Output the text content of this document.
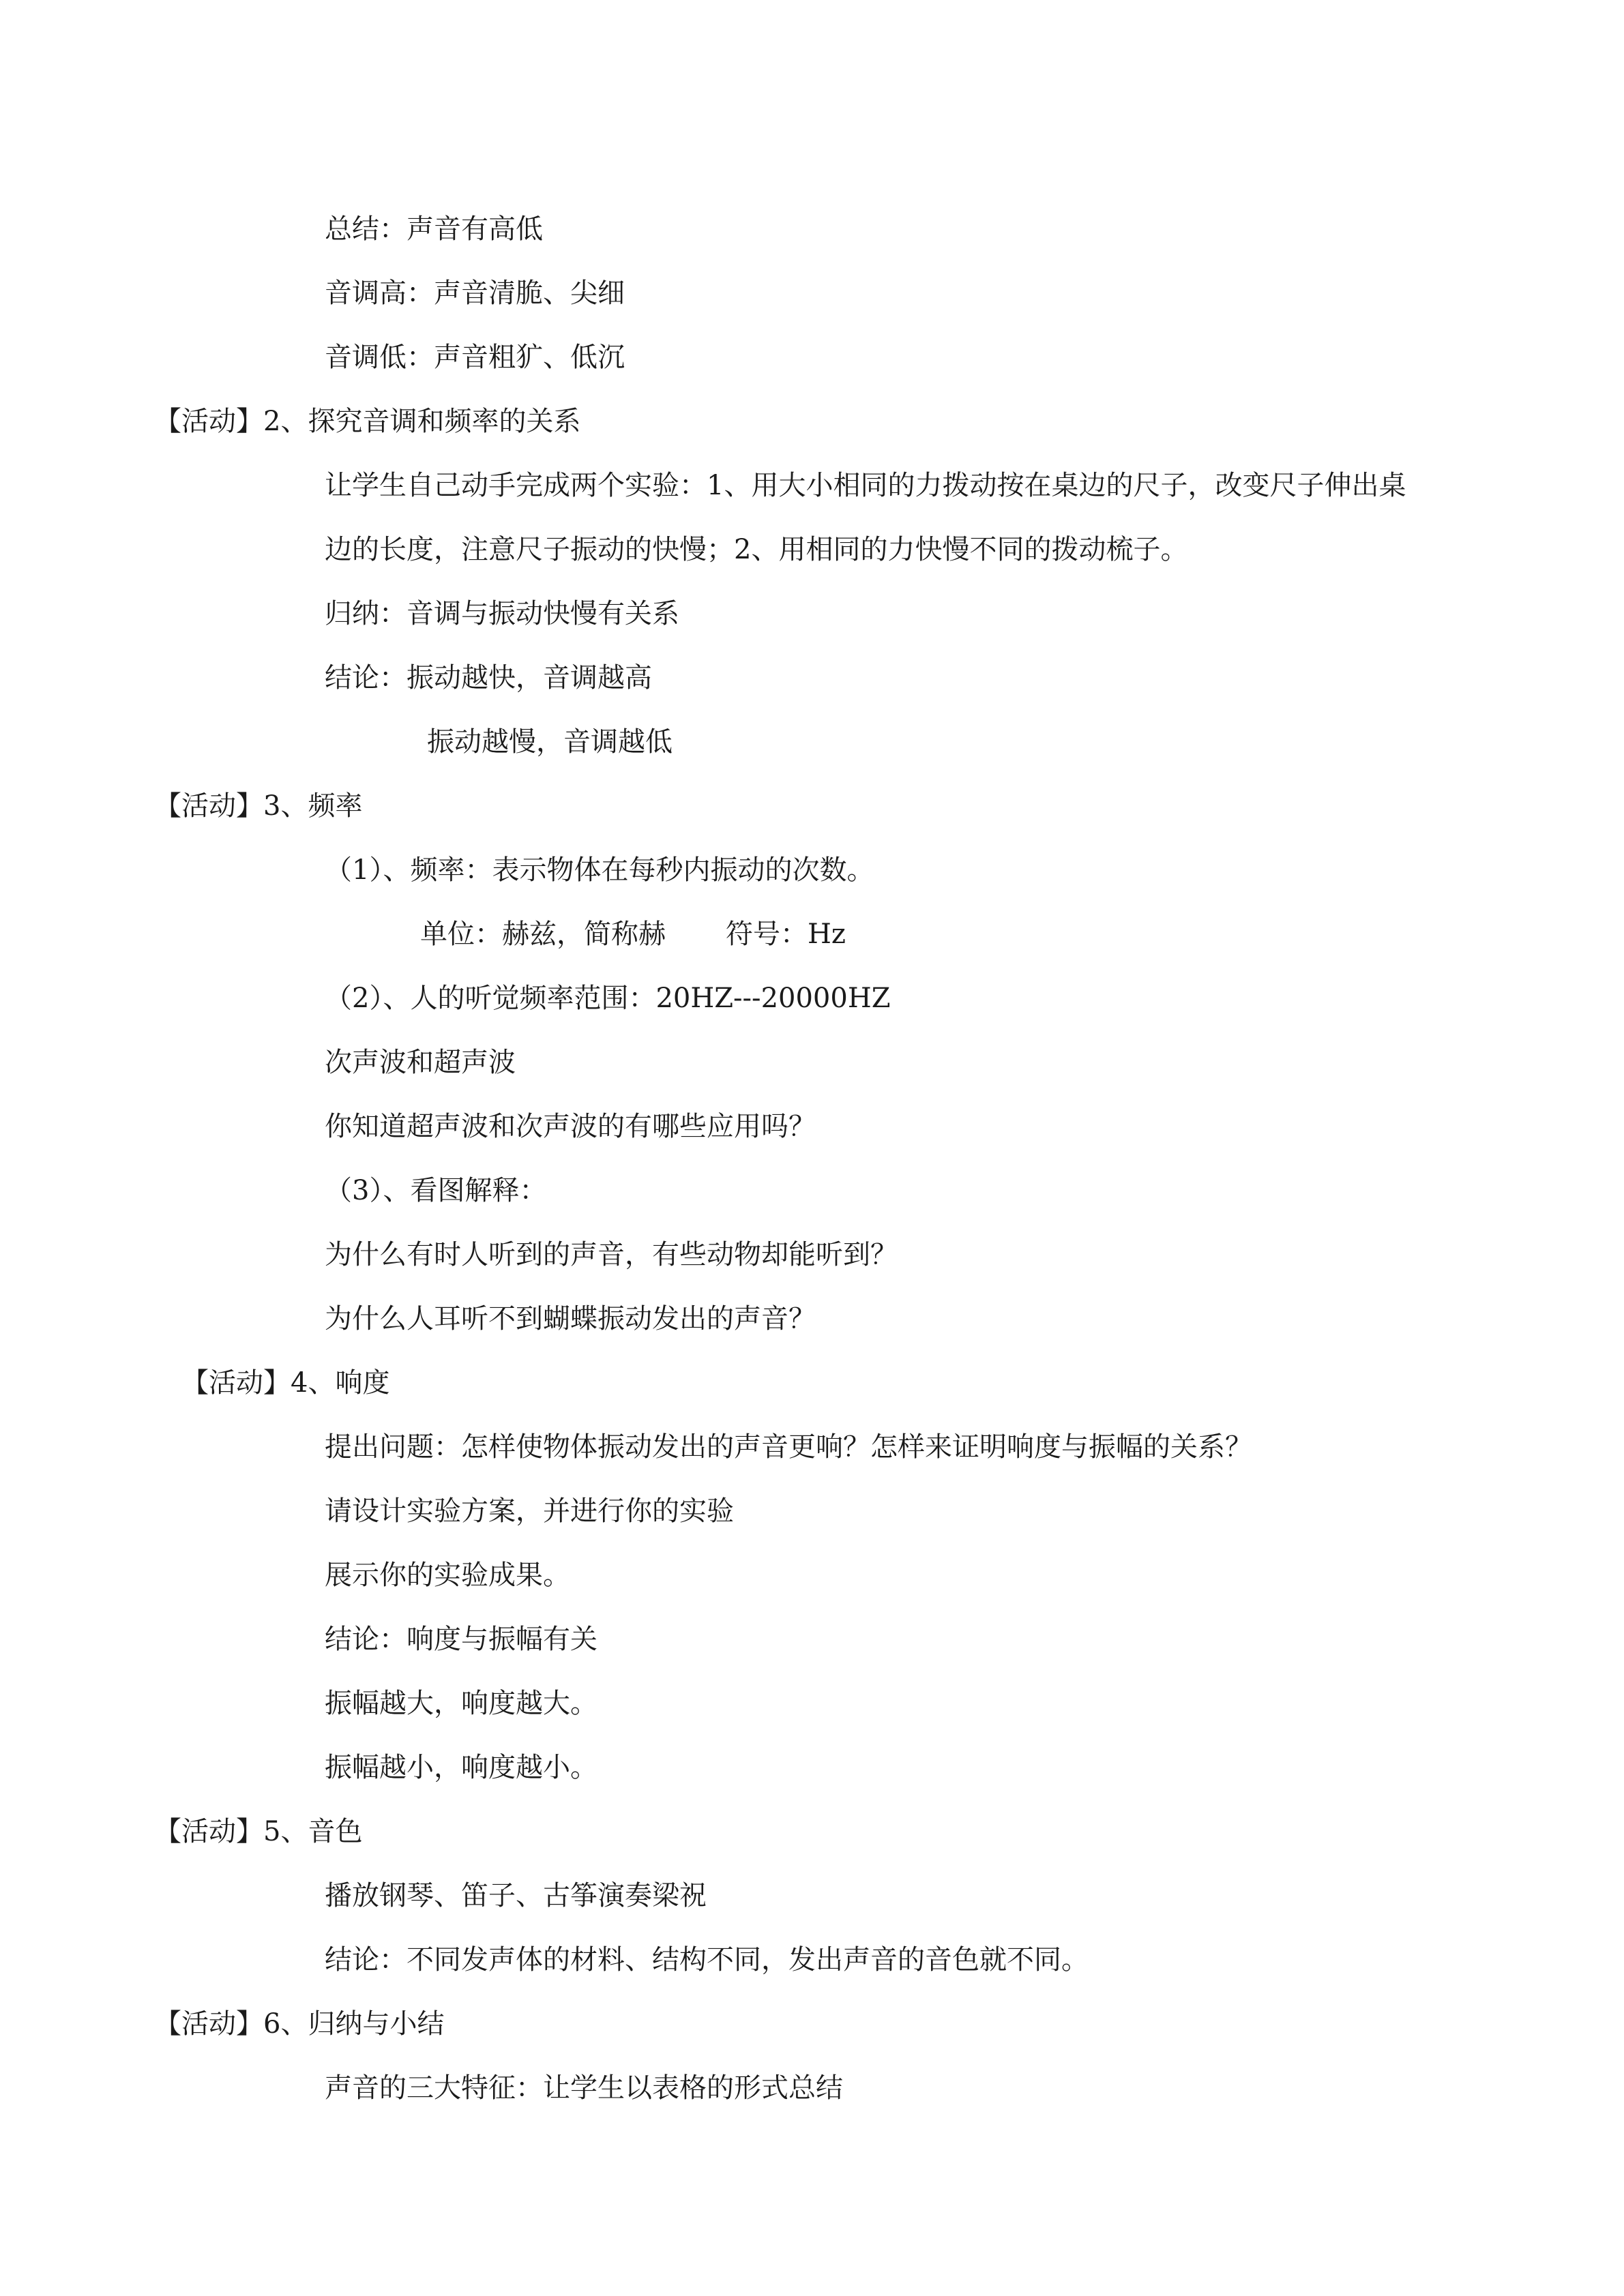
总结：声音有高低
音调高：声音清脆、尖细
音调低：声音粗犷、低沉
【活动】2、探究音调和频率的关系
让学生自己动手完成两个实验：1、用大小相同的力拨动按在桌边的尺子，改变尺子伸出桌
边的长度，注意尺子振动的快慢；2、用相同的力快慢不同的拨动梳子。
归纳：音调与振动快慢有关系
结论：振动越快，音调越高
振动越慢，音调越低
【活动】3、频率
（1）、频率：表示物体在每秒内振动的次数。
单位：赫兹，简称赫 符号：Hz
（2）、人的听觉频率范围：20HZ---20000HZ
次声波和超声波
你知道超声波和次声波的有哪些应用吗？
（3）、看图解释：
为什么有时人听到的声音，有些动物却能听到？
为什么人耳听不到蝴蝶振动发出的声音？
【活动】4、响度
提出问题：怎样使物体振动发出的声音更响？怎样来证明响度与振幅的关系？
请设计实验方案，并进行你的实验
展示你的实验成果。
结论：响度与振幅有关
振幅越大，响度越大。
振幅越小，响度越小。
【活动】5、音色
播放钢琴、笛子、古筝演奏梁祝
结论：不同发声体的材料、结构不同，发出声音的音色就不同。
【活动】6、归纳与小结
声音的三大特征：让学生以表格的形式总结
